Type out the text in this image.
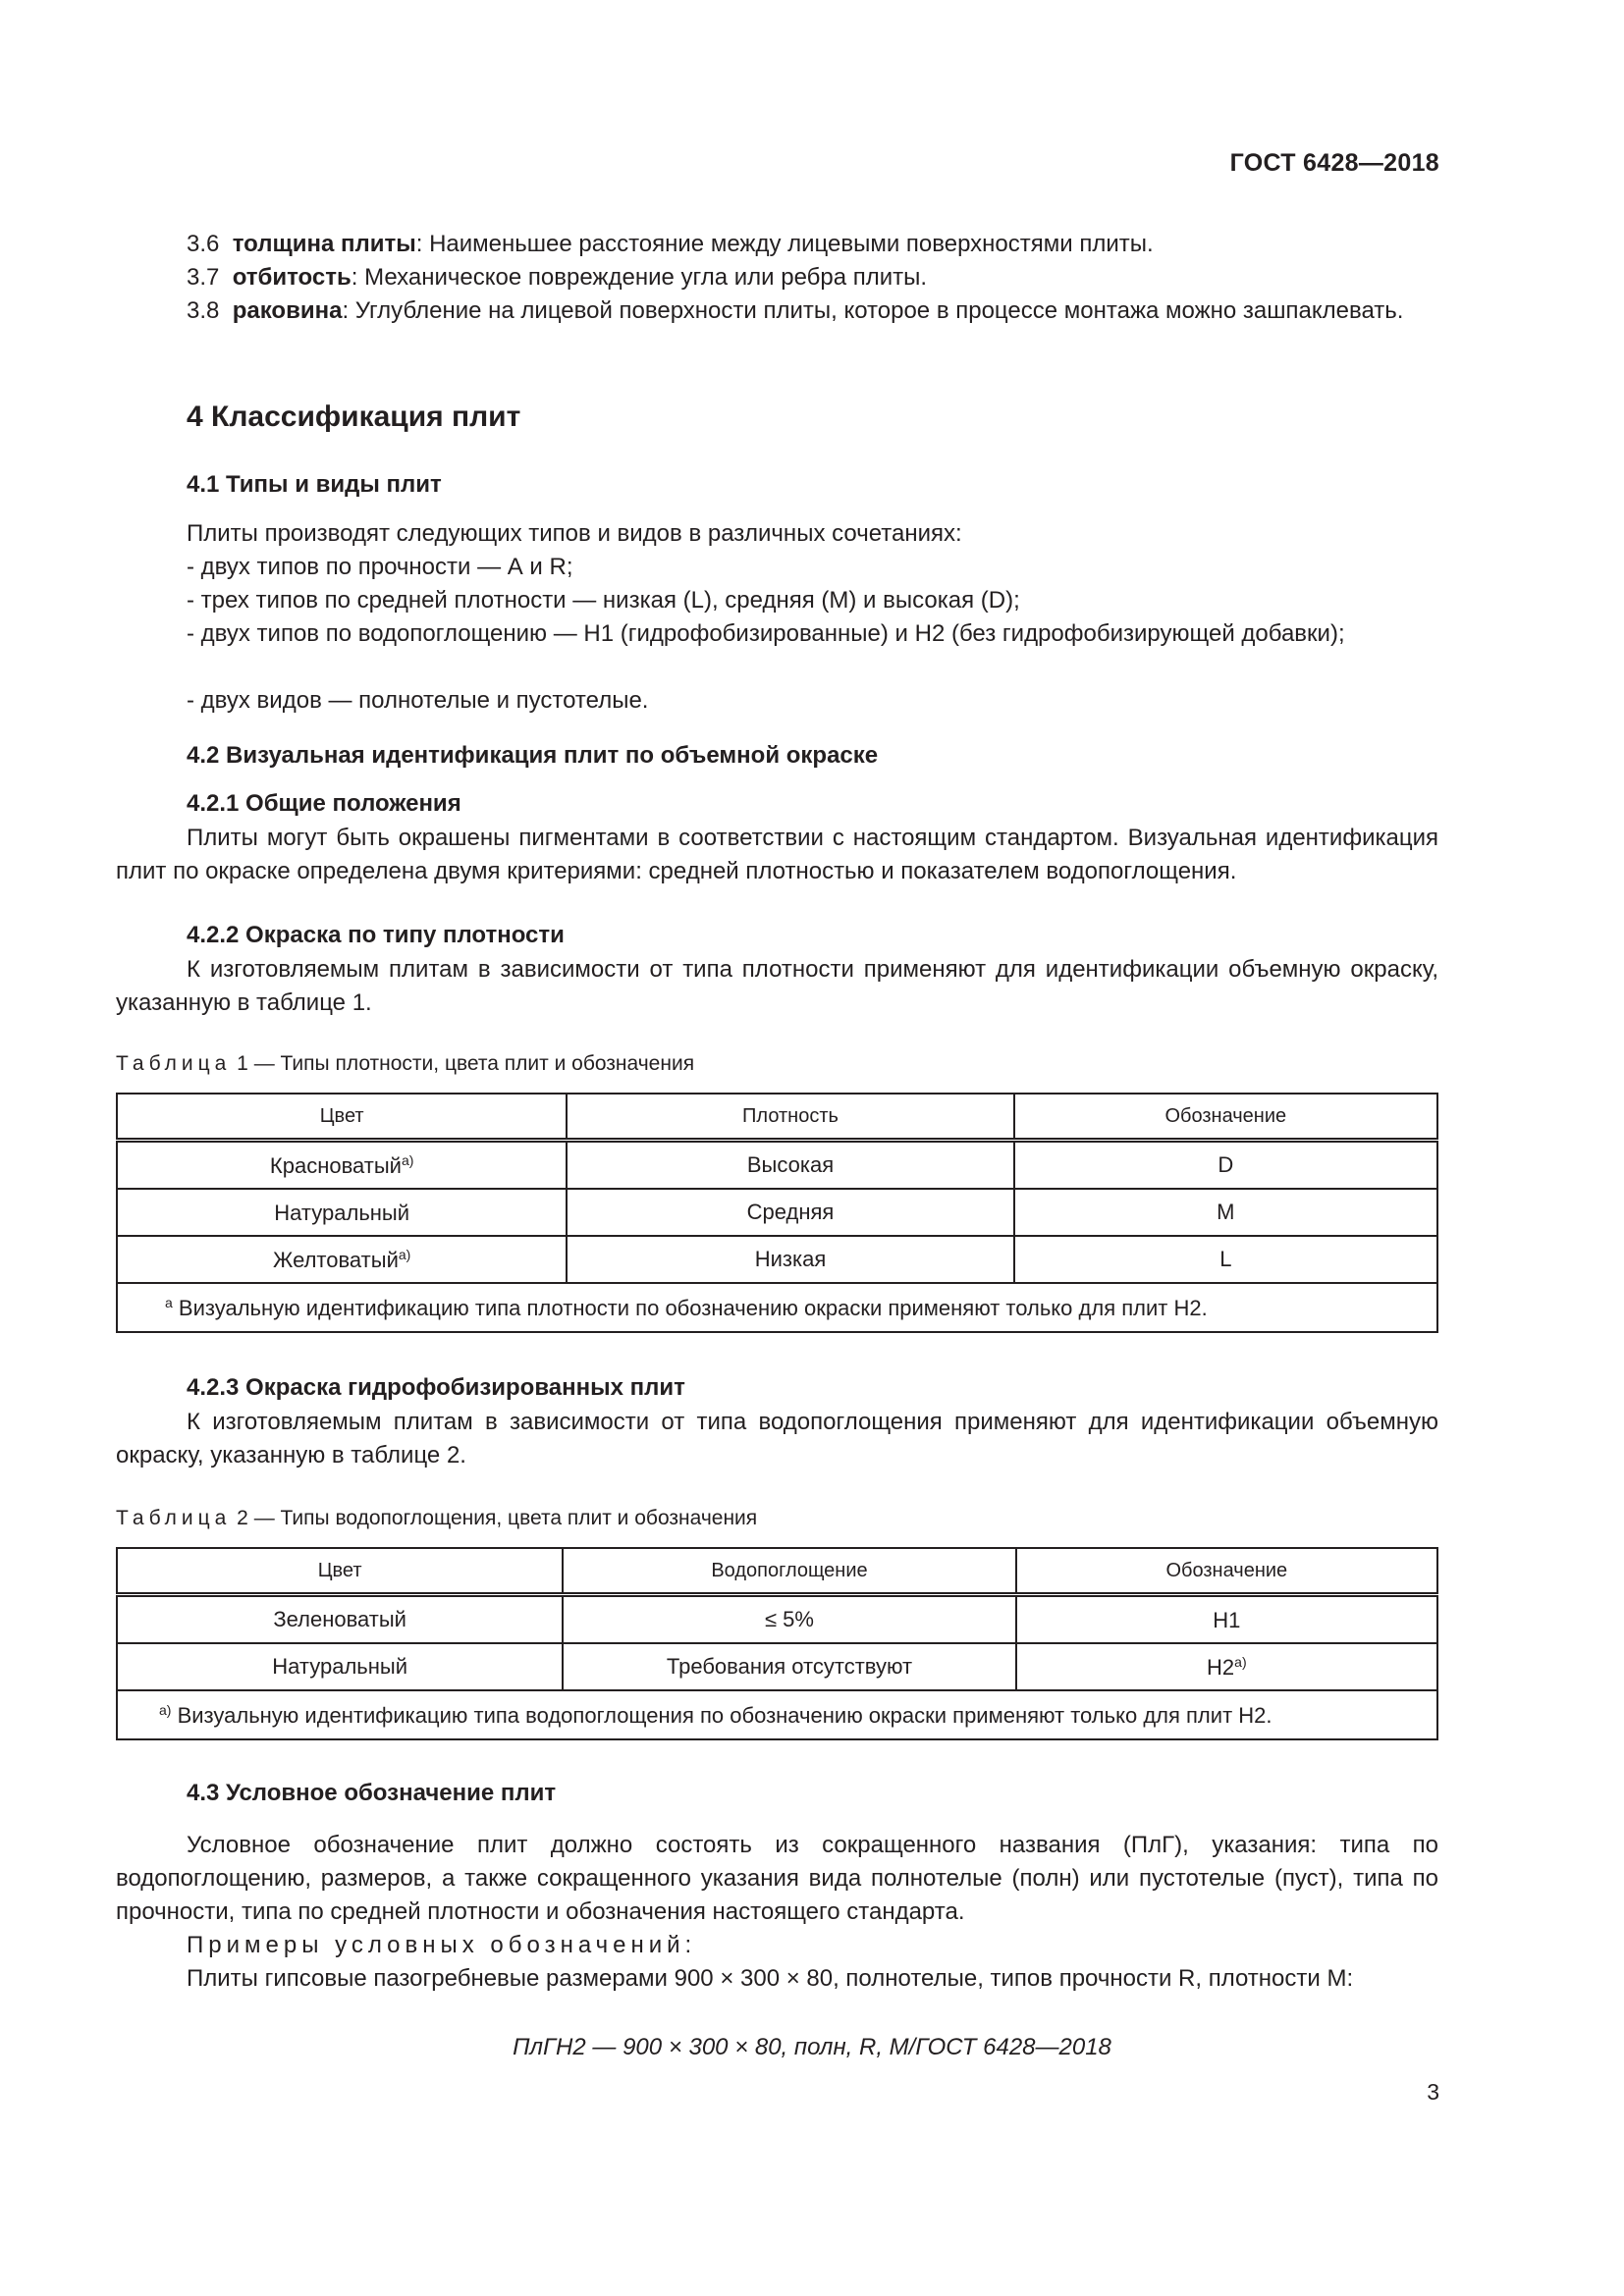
ГОСТ 6428—2018
3.6 толщина плиты: Наименьшее расстояние между лицевыми поверхностями плиты.
3.7 отбитость: Механическое повреждение угла или ребра плиты.
3.8 раковина: Углубление на лицевой поверхности плиты, которое в процессе монтажа можно зашпаклевать.
4 Классификация плит
4.1 Типы и виды плит
Плиты производят следующих типов и видов в различных сочетаниях:
- двух типов по прочности — А и R;
- трех типов по средней плотности — низкая (L), средняя (М) и высокая (D);
- двух типов по водопоглощению — Н1 (гидрофобизированные) и Н2 (без гидрофобизирующей добавки);
- двух видов — полнотелые и пустотелые.
4.2 Визуальная идентификация плит по объемной окраске
4.2.1 Общие положения
Плиты могут быть окрашены пигментами в соответствии с настоящим стандартом. Визуальная идентификация плит по окраске определена двумя критериями: средней плотностью и показателем водопоглощения.
4.2.2 Окраска по типу плотности
К изготовляемым плитам в зависимости от типа плотности применяют для идентификации объемную окраску, указанную в таблице 1.
Таблица 1 — Типы плотности, цвета плит и обозначения
Цвет	Плотность	Обозначение
Красноватый$^{a)}$	Высокая	D
Натуральный	Средняя	M
Желтоватый$^{a)}$	Низкая	L
$^a$ Визуальную идентификацию типа плотности по обозначению окраски применяют только для плит Н2.		
4.2.3 Окраска гидрофобизированных плит
К изготовляемым плитам в зависимости от типа водопоглощения применяют для идентификации объемную окраску, указанную в таблице 2.
Таблица 2 — Типы водопоглощения, цвета плит и обозначения
Цвет	Водопоглощение	Обозначение
Зеленоватый	≤ 5%	Н1
Натуральный	Требования отсутствуют	Н2$^{a)}$
$^{a)}$ Визуальную идентификацию типа водопоглощения по обозначению окраски применяют только для плит Н2.		
4.3 Условное обозначение плит
Условное обозначение плит должно состоять из сокращенного названия (ПлГ), указания: типа по водопоглощению, размеров, а также сокращенного указания вида полнотелые (полн) или пустотелые (пуст), типа по прочности, типа по средней плотности и обозначения настоящего стандарта.
Примеры условных обозначений:
Плиты гипсовые пазогребневые размерами 900 × 300 × 80, полнотелые, типов прочности R, плотности М:
ПлГН2 — 900 × 300 × 80, полн, R, М/ГОСТ 6428—2018
3
